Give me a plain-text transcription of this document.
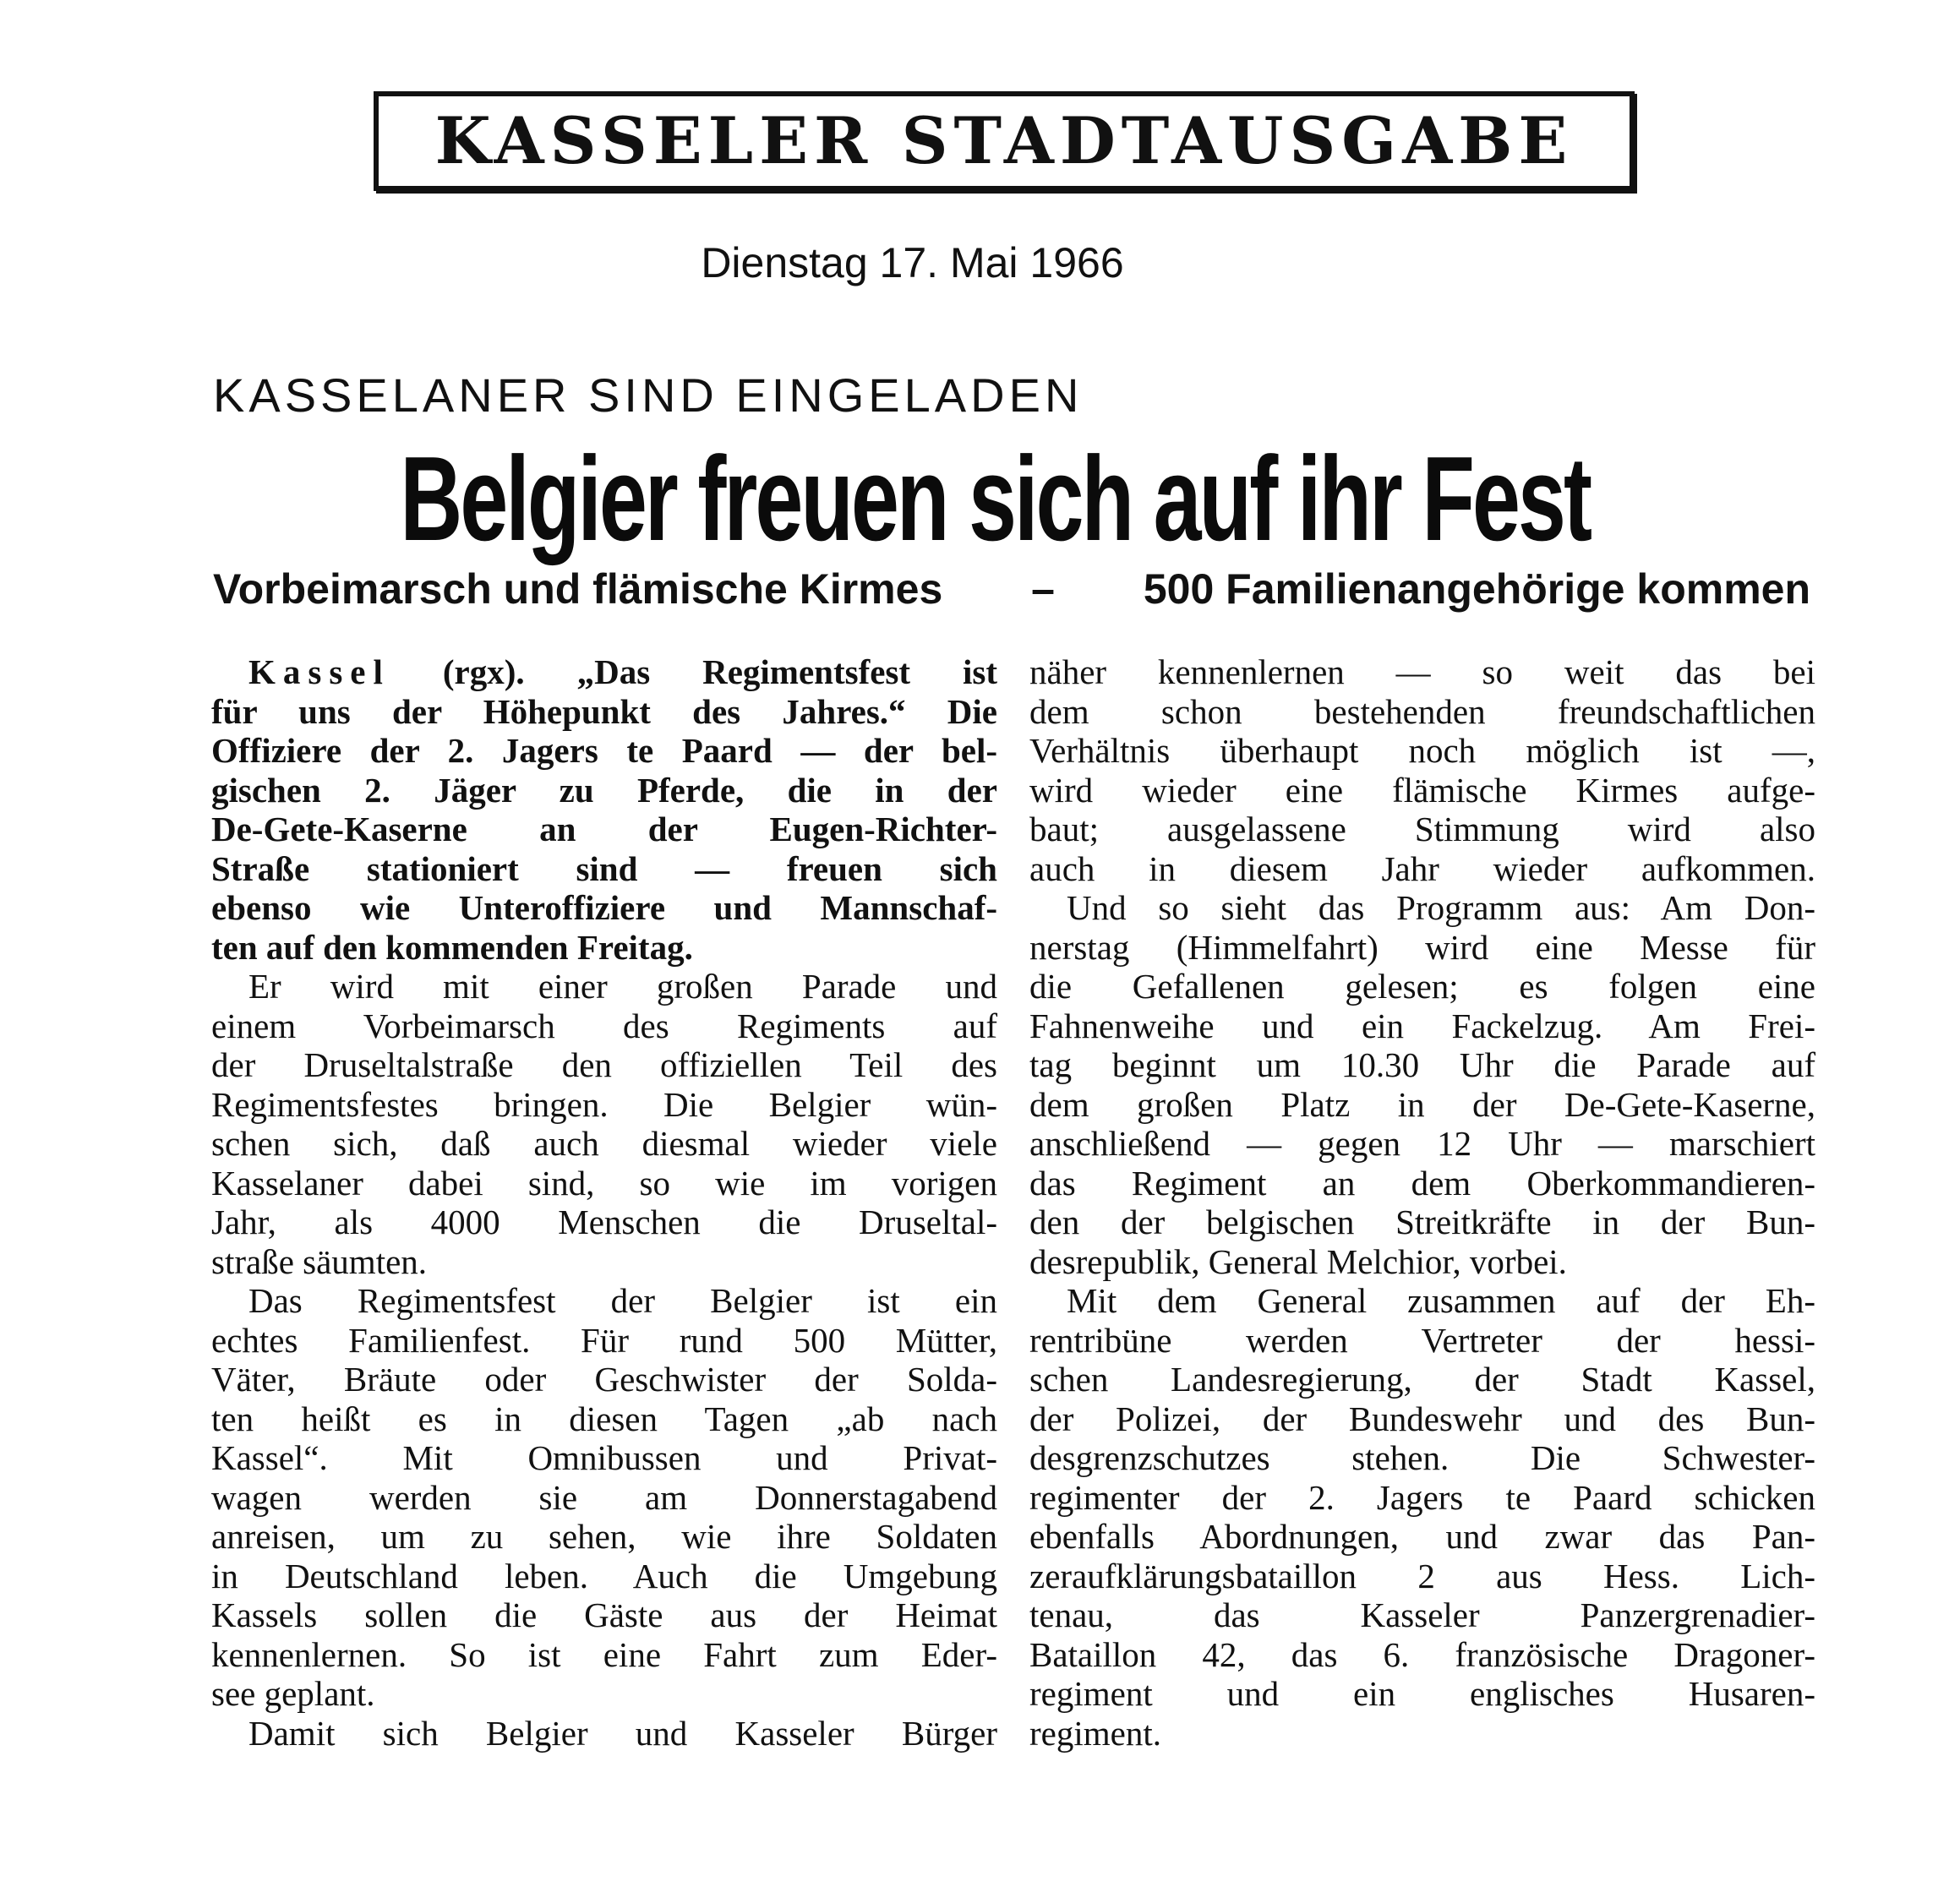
KASSELER STADTAUSGABE
Dienstag 17. Mai 1966
KASSELANER SIND EINGELADEN
Belgier freuen sich auf ihr Fest
Vorbeimarsch und flämische Kirmes	–	500 Familienangehörige kommen
Kassel (rgx). „Das Regimentsfest ist
für uns der Höhepunkt des Jahres.“ Die
Offiziere der 2. Jagers te Paard — der bel-
gischen 2. Jäger zu Pferde, die in der
De-Gete-Kaserne an der Eugen-Richter-
Straße stationiert sind — freuen sich
ebenso wie Unteroffiziere und Mannschaf-
ten auf den kommenden Freitag.
Er wird mit einer großen Parade und
einem Vorbeimarsch des Regiments auf
der Druseltalstraße den offiziellen Teil des
Regimentsfestes bringen. Die Belgier wün-
schen sich, daß auch diesmal wieder viele
Kasselaner dabei sind, so wie im vorigen
Jahr, als 4000 Menschen die Druseltal-
straße säumten.
Das Regimentsfest der Belgier ist ein
echtes Familienfest. Für rund 500 Mütter,
Väter, Bräute oder Geschwister der Solda-
ten heißt es in diesen Tagen „ab nach
Kassel“. Mit Omnibussen und Privat-
wagen werden sie am Donnerstagabend
anreisen, um zu sehen, wie ihre Soldaten
in Deutschland leben. Auch die Umgebung
Kassels sollen die Gäste aus der Heimat
kennenlernen. So ist eine Fahrt zum Eder-
see geplant.
Damit sich Belgier und Kasseler Bürger
näher kennenlernen — so weit das bei
dem schon bestehenden freundschaftlichen
Verhältnis überhaupt noch möglich ist —,
wird wieder eine flämische Kirmes aufge-
baut; ausgelassene Stimmung wird also
auch in diesem Jahr wieder aufkommen.
Und so sieht das Programm aus: Am Don-
nerstag (Himmelfahrt) wird eine Messe für
die Gefallenen gelesen; es folgen eine
Fahnenweihe und ein Fackelzug. Am Frei-
tag beginnt um 10.30 Uhr die Parade auf
dem großen Platz in der De-Gete-Kaserne,
anschließend — gegen 12 Uhr — marschiert
das Regiment an dem Oberkommandieren-
den der belgischen Streitkräfte in der Bun-
desrepublik, General Melchior, vorbei.
Mit dem General zusammen auf der Eh-
rentribüne werden Vertreter der hessi-
schen Landesregierung, der Stadt Kassel,
der Polizei, der Bundeswehr und des Bun-
desgrenzschutzes stehen. Die Schwester-
regimenter der 2. Jagers te Paard schicken
ebenfalls Abordnungen, und zwar das Pan-
zeraufklärungsbataillon 2 aus Hess. Lich-
tenau, das Kasseler Panzergrenadier-
Bataillon 42, das 6. französische Dragoner-
regiment und ein englisches Husaren-
regiment.
